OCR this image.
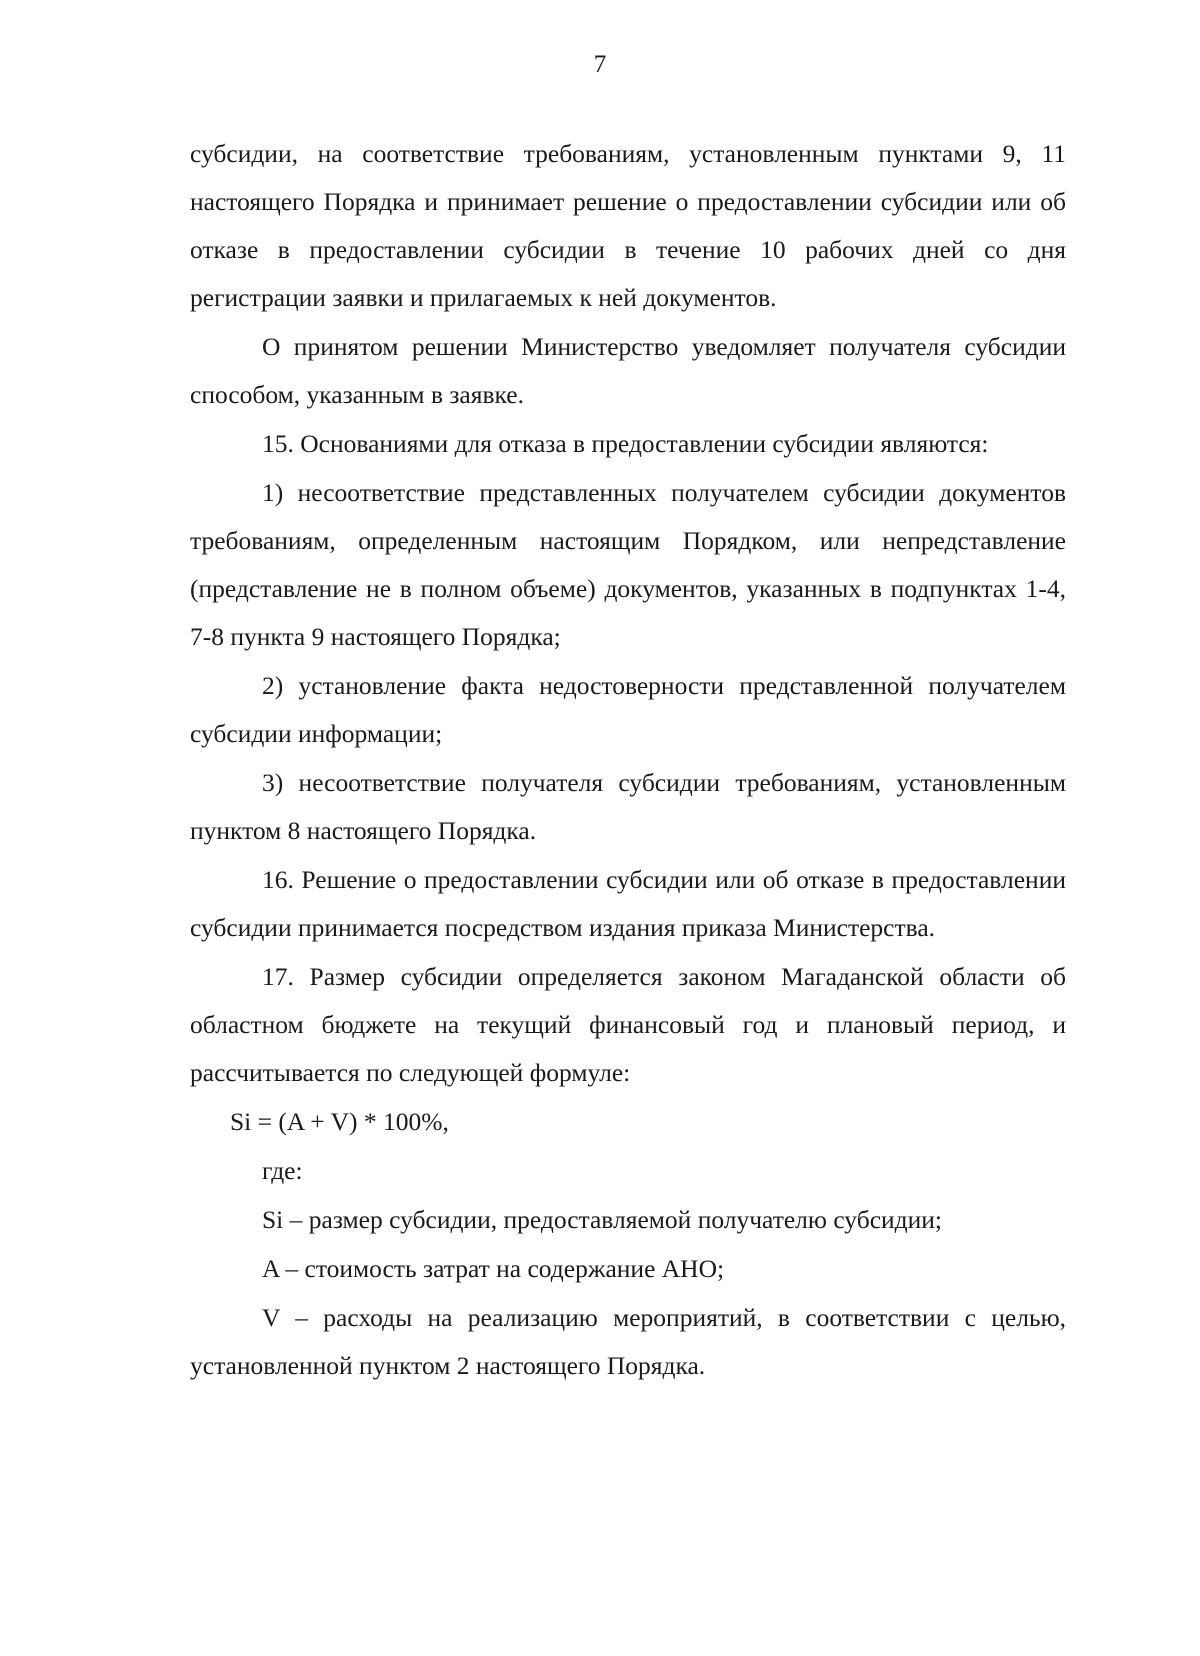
7

субсидии, на соответствие требованиям, установленным пунктами 9, 11 настоящего Порядка и принимает решение о предоставлении субсидии или об отказе в предоставлении субсидии в течение 10 рабочих дней со дня регистрации заявки и прилагаемых к ней документов.

О принятом решении Министерство уведомляет получателя субсидии способом, указанным в заявке.

15. Основаниями для отказа в предоставлении субсидии являются:

1) несоответствие представленных получателем субсидии документов требованиям, определенным настоящим Порядком, или непредставление (представление не в полном объеме) документов, указанных в подпунктах 1-4, 7-8 пункта 9 настоящего Порядка;

2) установление факта недостоверности представленной получателем субсидии информации;

3) несоответствие получателя субсидии требованиям, установленным пунктом 8 настоящего Порядка.

16. Решение о предоставлении субсидии или об отказе в предоставлении субсидии принимается посредством издания приказа Министерства.

17. Размер субсидии определяется законом Магаданской области об областном бюджете на текущий финансовый год и плановый период, и рассчитывается по следующей формуле:

Si = (A + V) * 100%,

где:

Si – размер субсидии, предоставляемой получателю субсидии;

A – стоимость затрат на содержание АНО;

V – расходы на реализацию мероприятий, в соответствии с целью, установленной пунктом 2 настоящего Порядка.
